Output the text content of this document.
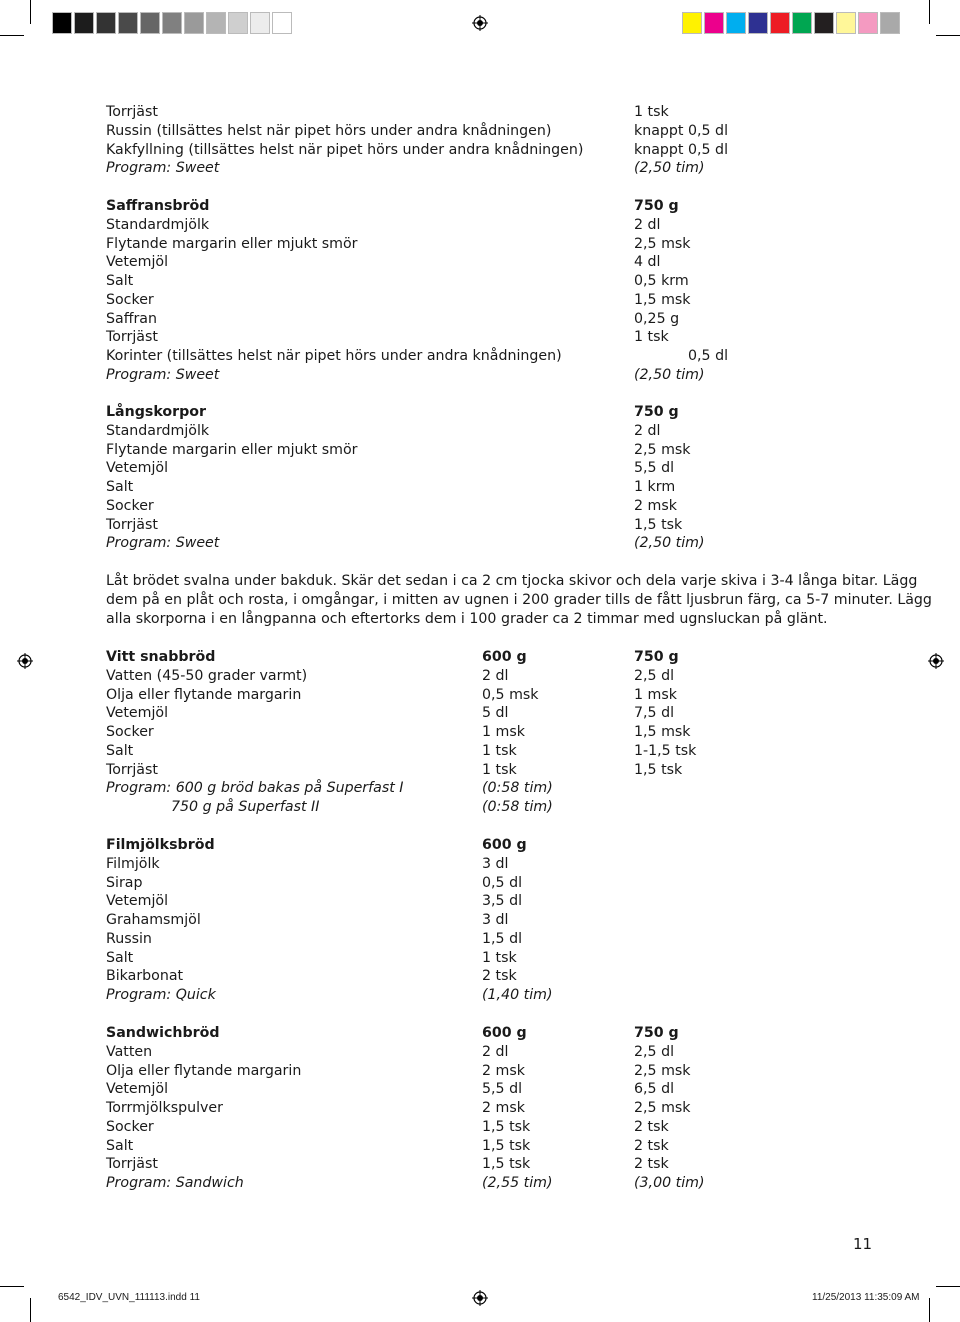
Torrjäst	1 tsk
Russin (tillsättes helst när pipet hörs under andra knådningen)	knappt 0,5 dl
Kakfyllning (tillsättes helst när pipet hörs under andra knådningen)	knappt 0,5 dl
Program: Sweet	(2,50 tim)
Saffransbröd	750 g
Standardmjölk	2 dl
Flytande margarin eller mjukt smör	2,5 msk
Vetemjöl	4 dl
Salt	0,5 krm
Socker	1,5 msk
Saffran	0,25 g
Torrjäst	1 tsk
Korinter (tillsättes helst när pipet hörs under andra knådningen)	0,5 dl
Program: Sweet	(2,50 tim)
Långskorpor	750 g
Standardmjölk	2 dl
Flytande margarin eller mjukt smör	2,5 msk
Vetemjöl	5,5 dl
Salt	1 krm
Socker	2 msk
Torrjäst	1,5 tsk
Program: Sweet	(2,50 tim)
Låt brödet svalna under bakduk. Skär det sedan i ca 2 cm tjocka skivor och dela varje skiva i 3-4 långa bitar. Lägg
dem på en plåt och rosta, i omgångar, i mitten av ugnen i 200 grader tills de fått ljusbrun färg, ca 5-7 minuter. Lägg
alla skorporna i en långpanna och eftertorks dem i 100 grader ca 2 timmar med ugnsluckan på glänt.
Vitt snabbröd	600 g	750 g
Vatten (45-50 grader varmt)	2 dl	2,5 dl
Olja eller flytande margarin	0,5 msk	1 msk
Vetemjöl	5 dl	7,5 dl
Socker	1 msk	1,5 msk
Salt	1 tsk	1-1,5 tsk
Torrjäst	1 tsk	1,5 tsk
Program: 600 g bröd bakas på Superfast I	(0:58 tim)
750 g på Superfast II	(0:58 tim)
Filmjölksbröd	600 g
Filmjölk	3 dl
Sirap	0,5 dl
Vetemjöl	3,5 dl
Grahamsmjöl	3 dl
Russin	1,5 dl
Salt	1 tsk
Bikarbonat	2 tsk
Program: Quick	(1,40 tim)
Sandwichbröd	600 g	750 g
Vatten	2 dl	2,5 dl
Olja eller flytande margarin	2 msk	2,5 msk
Vetemjöl	5,5 dl	6,5 dl
Torrmjölkspulver	2 msk	2,5 msk
Socker	1,5 tsk	2 tsk
Salt	1,5 tsk	2 tsk
Torrjäst	1,5 tsk	2 tsk
Program: Sandwich	(2,55 tim)	(3,00 tim)
11
6542_IDV_UVN_111113.indd 11	11/25/2013 11:35:09 AM
